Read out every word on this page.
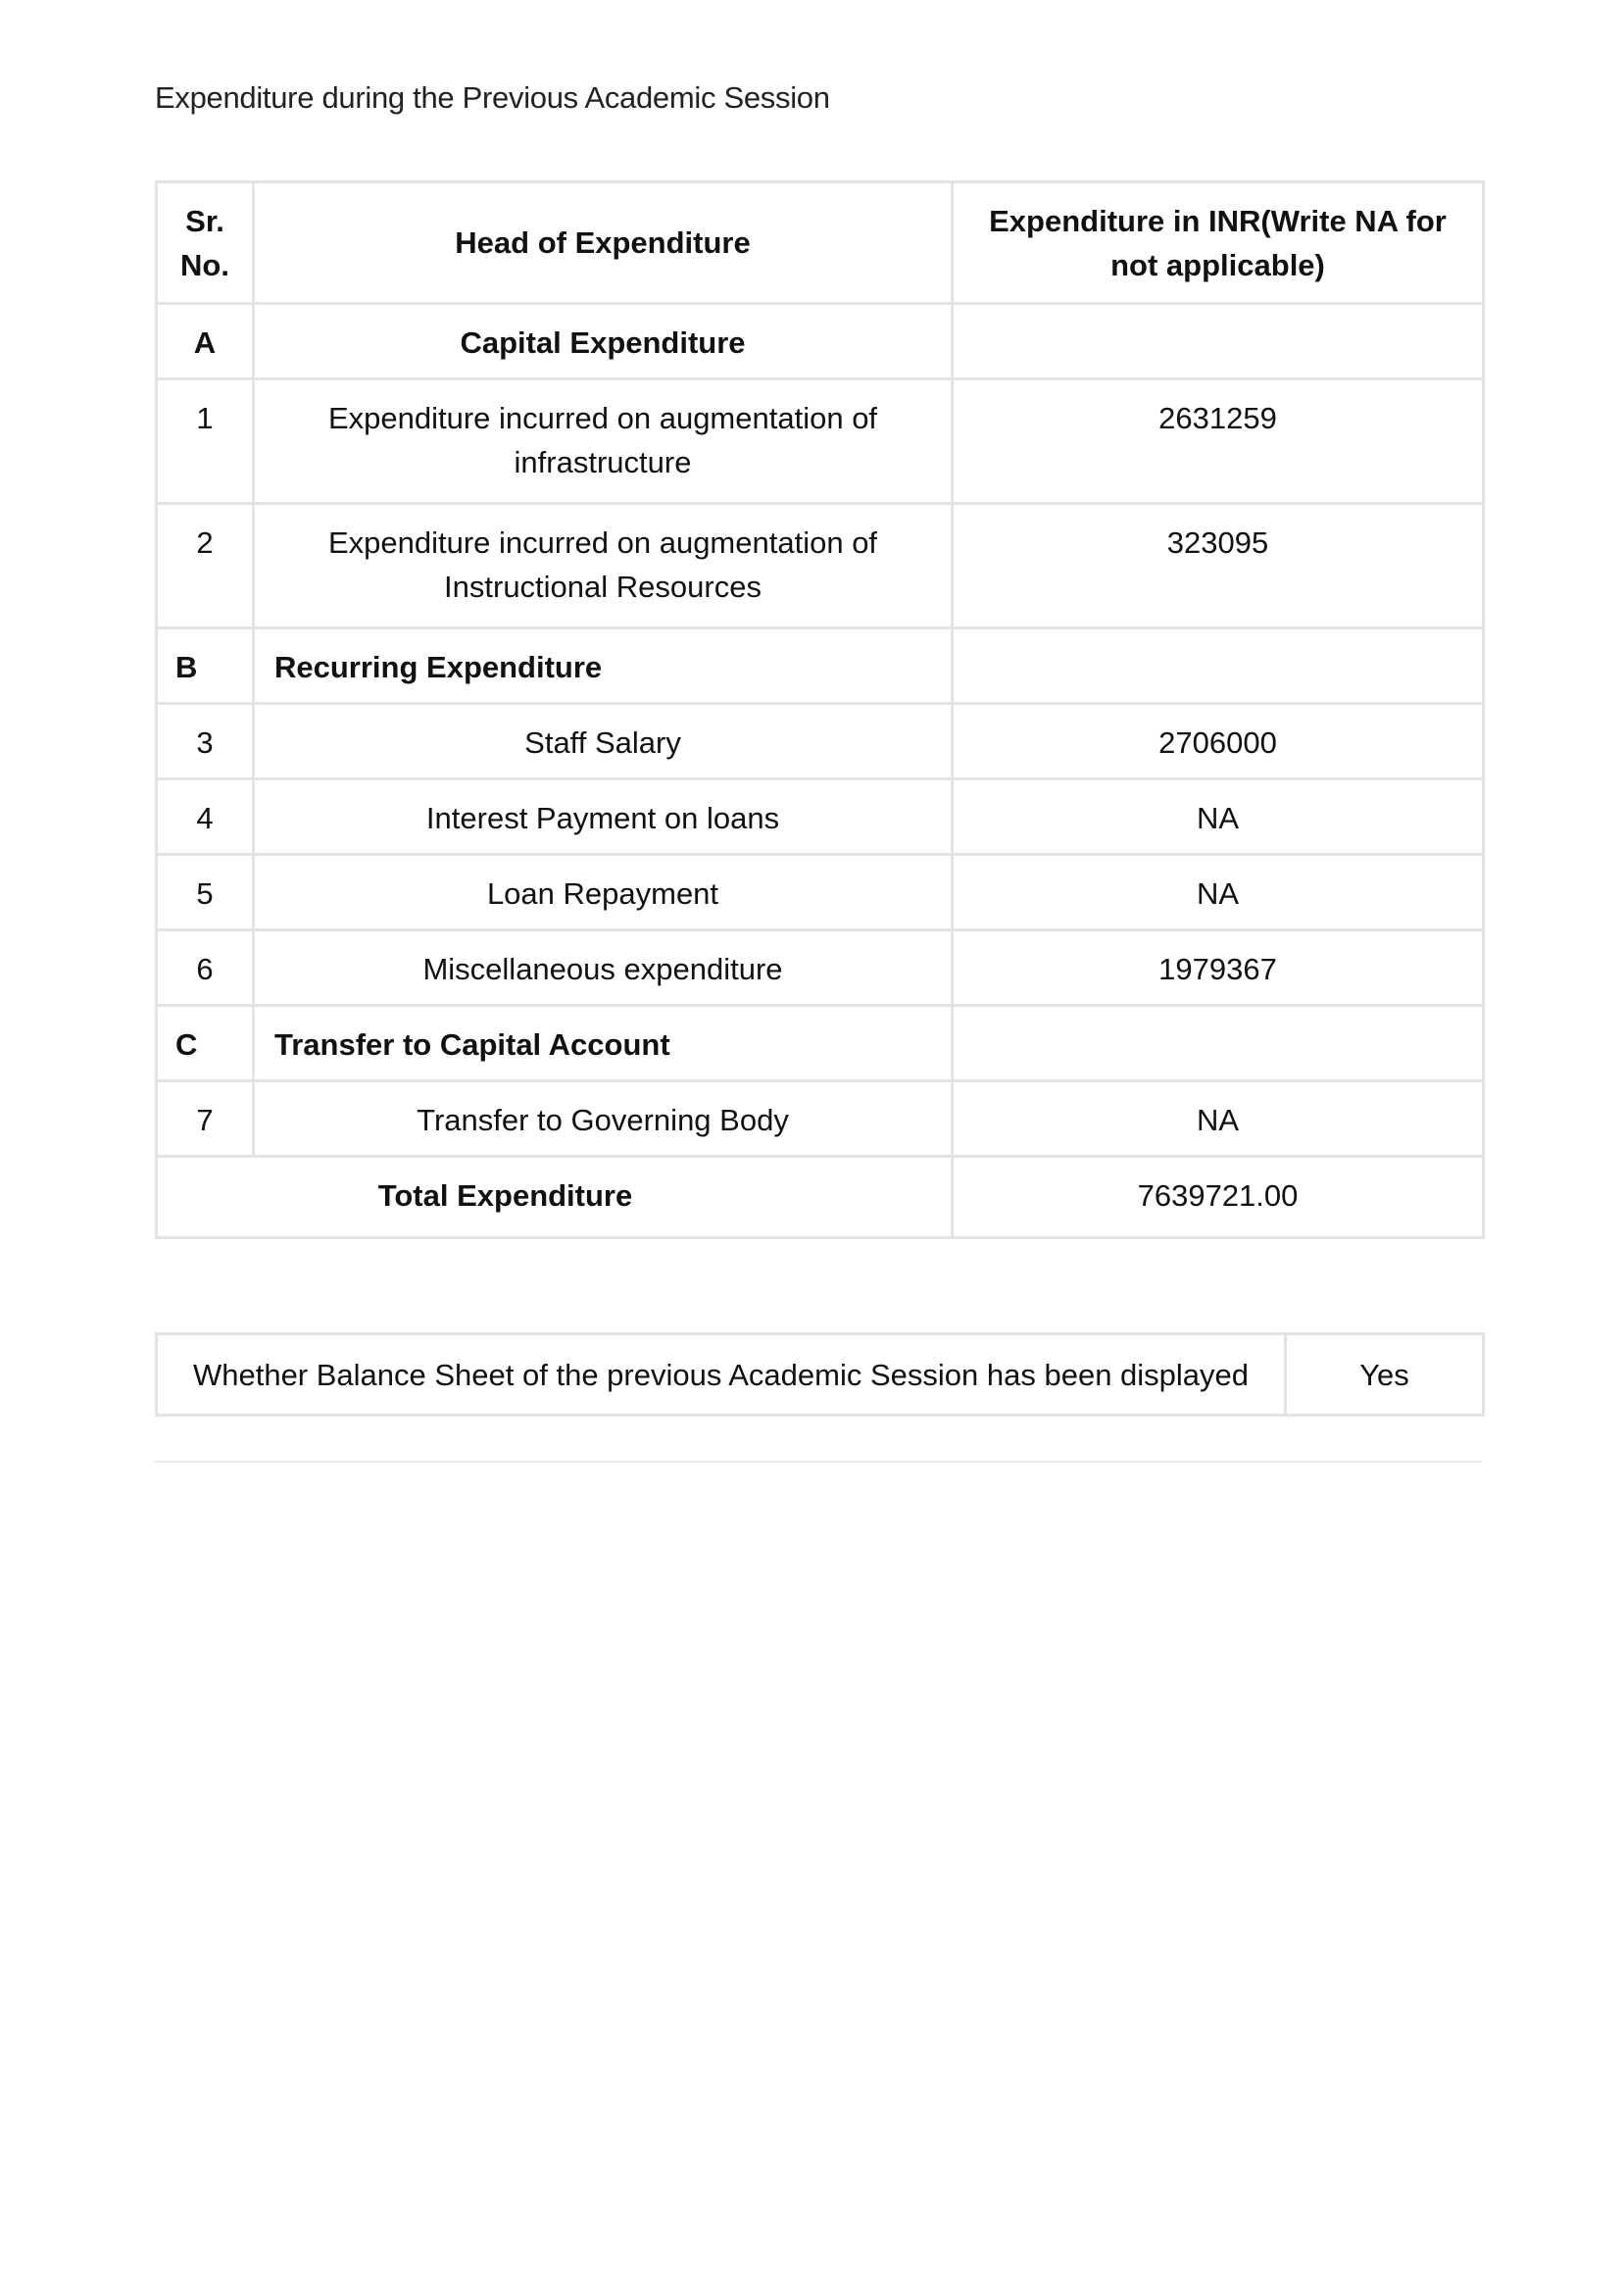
Expenditure during the Previous Academic Session
Sr. No.	Head of Expenditure	Expenditure in INR(Write NA for not applicable)
A	Capital Expenditure	
1	Expenditure incurred on augmentation of infrastructure	2631259
2	Expenditure incurred on augmentation of Instructional Resources	323095
B	Recurring Expenditure	
3	Staff Salary	2706000
4	Interest Payment on loans	NA
5	Loan Repayment	NA
6	Miscellaneous expenditure	1979367
C	Transfer to Capital Account	
7	Transfer to Governing Body	NA
Total Expenditure		7639721.00
Whether Balance Sheet of the previous Academic Session has been displayed	Yes
